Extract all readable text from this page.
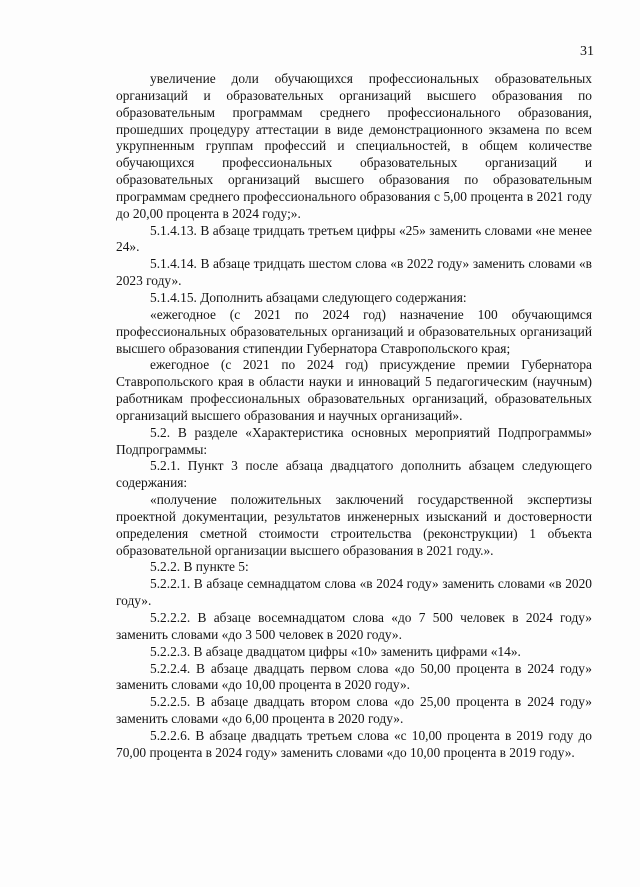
31

увеличение доли обучающихся профессиональных образовательных организаций и образовательных организаций высшего образования по образовательным программам среднего профессионального образования, прошедших процедуру аттестации в виде демонстрационного экзамена по всем укрупненным группам профессий и специальностей, в общем количестве обучающихся профессиональных образовательных организаций и образовательных организаций высшего образования по образовательным программам среднего профессионального образования с 5,00 процента в 2021 году до 20,00 процента в 2024 году;».

5.1.4.13. В абзаце тридцать третьем цифры «25» заменить словами «не менее 24».

5.1.4.14. В абзаце тридцать шестом слова «в 2022 году» заменить словами «в 2023 году».

5.1.4.15. Дополнить абзацами следующего содержания:

«ежегодное (с 2021 по 2024 год) назначение 100 обучающимся профессиональных образовательных организаций и образовательных организаций высшего образования стипендии Губернатора Ставропольского края;

ежегодное (с 2021 по 2024 год) присуждение премии Губернатора Ставропольского края в области науки и инноваций 5 педагогическим (научным) работникам профессиональных образовательных организаций, образовательных организаций высшего образования и научных организаций».

5.2. В разделе «Характеристика основных мероприятий Подпрограммы» Подпрограммы:

5.2.1. Пункт 3 после абзаца двадцатого дополнить абзацем следующего содержания:

«получение положительных заключений государственной экспертизы проектной документации, результатов инженерных изысканий и достоверности определения сметной стоимости строительства (реконструкции) 1 объекта образовательной организации высшего образования в 2021 году.».

5.2.2. В пункте 5:

5.2.2.1. В абзаце семнадцатом слова «в 2024 году» заменить словами «в 2020 году».

5.2.2.2. В абзаце восемнадцатом слова «до 7 500 человек в 2024 году» заменить словами «до 3 500 человек в 2020 году».

5.2.2.3. В абзаце двадцатом цифры «10» заменить цифрами «14».

5.2.2.4. В абзаце двадцать первом слова «до 50,00 процента в 2024 году» заменить словами «до 10,00 процента в 2020 году».

5.2.2.5. В абзаце двадцать втором слова «до 25,00 процента в 2024 году» заменить словами «до 6,00 процента в 2020 году».

5.2.2.6. В абзаце двадцать третьем слова «с 10,00 процента в 2019 году до 70,00 процента в 2024 году» заменить словами «до 10,00 процента в 2019 году».
